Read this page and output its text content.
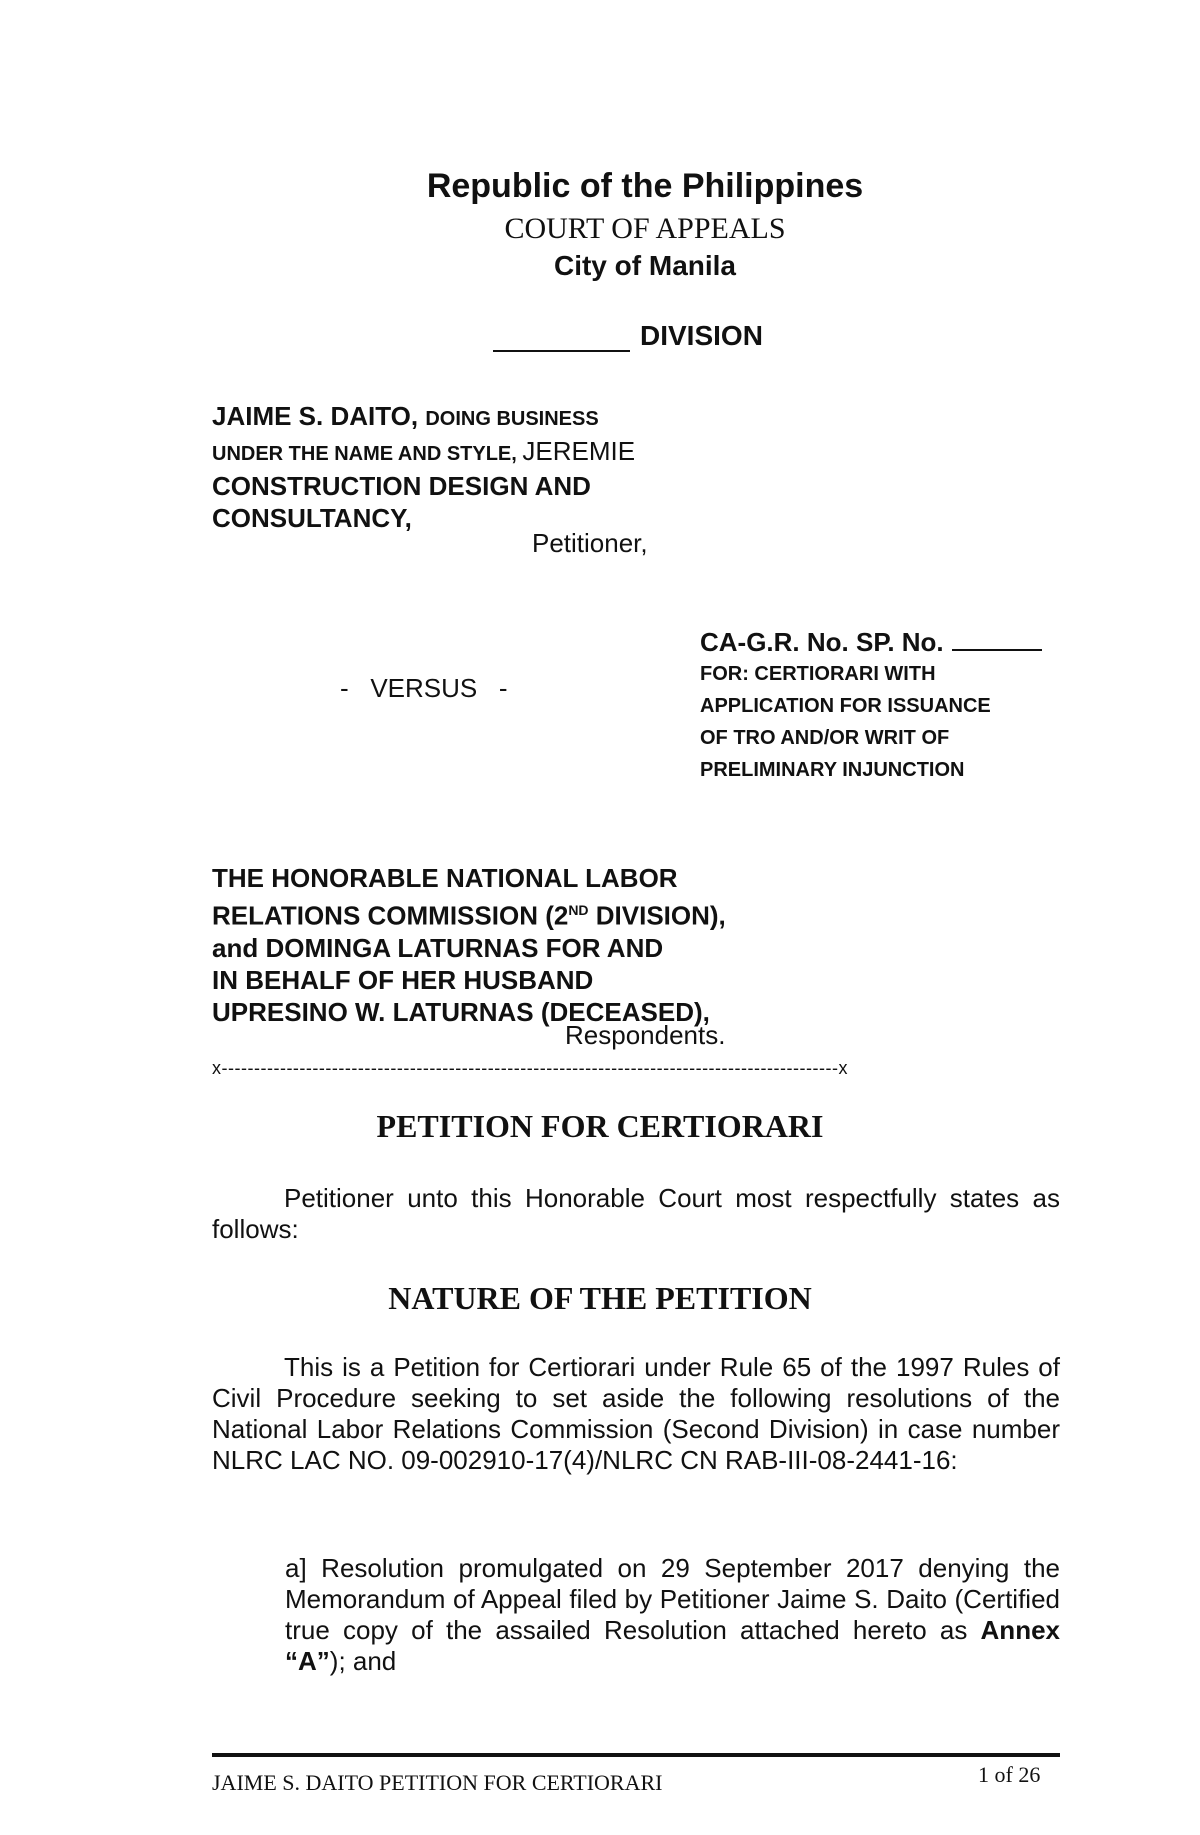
Republic of the Philippines
COURT OF APPEALS
City of Manila
DIVISION
JAIME S. DAITO, DOING BUSINESS
UNDER THE NAME AND STYLE, JEREMIE
CONSTRUCTION DESIGN AND
CONSULTANCY,
Petitioner,
-   VERSUS   -
CA-G.R. No. SP. No.
FOR: CERTIORARI WITH
APPLICATION FOR ISSUANCE
OF TRO AND/OR WRIT OF
PRELIMINARY INJUNCTION
THE HONORABLE NATIONAL LABOR
RELATIONS COMMISSION (2ND DIVISION),
and DOMINGA LATURNAS FOR AND
IN BEHALF OF HER HUSBAND
UPRESINO W. LATURNAS (DECEASED),
Respondents.
x-----------------------------------------------------------------------------------------------x
PETITION FOR CERTIORARI
Petitioner unto this Honorable Court most respectfully states as follows:
NATURE OF THE PETITION
This is a Petition for Certiorari under Rule 65 of the 1997 Rules of Civil Procedure seeking to set aside the following resolutions of the National Labor Relations Commission (Second Division) in case number NLRC LAC NO. 09-002910-17(4)/NLRC CN RAB-III-08-2441-16:
a] Resolution promulgated on 29 September 2017 denying the Memorandum of Appeal filed by Petitioner Jaime S. Daito (Certified true copy of the assailed Resolution attached hereto as Annex “A”); and
JAIME S. DAITO PETITION FOR CERTIORARI	1 of 26
